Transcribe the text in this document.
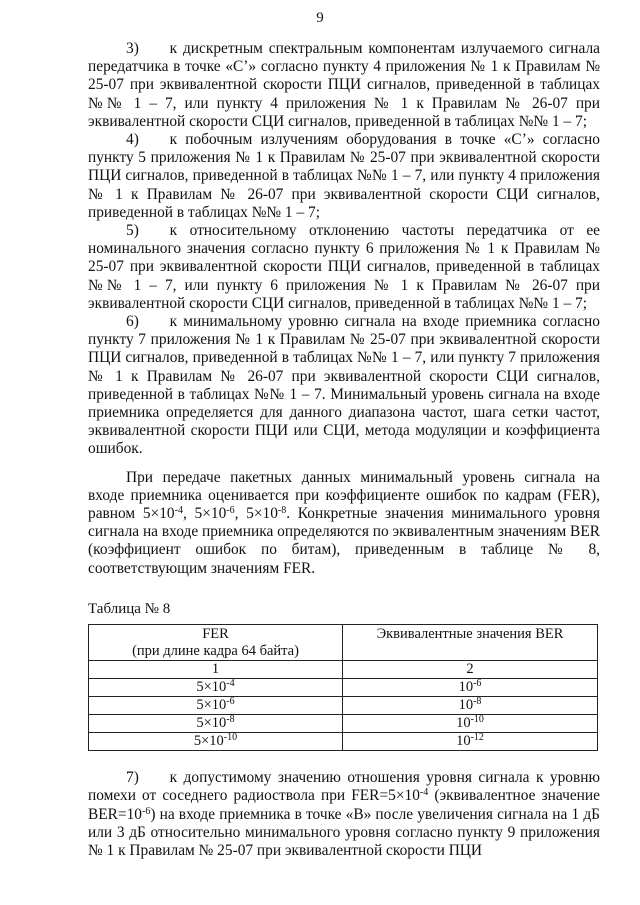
9

3)  к дискретным спектральным компонентам излучаемого сигнала передатчика в точке «С’» согласно пункту 4 приложения № 1 к Правилам № 25-07 при эквивалентной скорости ПЦИ сигналов, приведенной в таблицах №№ 1 – 7, или пункту 4 приложения № 1 к Правилам № 26-07 при эквивалентной скорости СЦИ сигналов, приведенной в таблицах №№ 1 – 7;

4)  к побочным излучениям оборудования в точке «С’» согласно пункту 5 приложения № 1 к Правилам № 25-07 при эквивалентной скорости ПЦИ сигналов, приведенной в таблицах №№ 1 – 7, или пункту 4 приложения № 1 к Правилам № 26-07 при эквивалентной скорости СЦИ сигналов, приведенной в таблицах №№ 1 – 7;

5)  к относительному отклонению частоты передатчика от ее номинального значения согласно пункту 6 приложения № 1 к Правилам № 25-07 при эквивалентной скорости ПЦИ сигналов, приведенной в таблицах №№ 1 – 7, или пункту 6 приложения № 1 к Правилам № 26-07 при эквивалентной скорости СЦИ сигналов, приведенной в таблицах №№ 1 – 7;

6)  к минимальному уровню сигнала на входе приемника согласно пункту 7 приложения № 1 к Правилам № 25-07 при эквивалентной скорости ПЦИ сигналов, приведенной в таблицах №№ 1 – 7, или пункту 7 приложения № 1 к Правилам № 26-07 при эквивалентной скорости СЦИ сигналов, приведенной в таблицах №№ 1 – 7. Минимальный уровень сигнала на входе приемника определяется для данного диапазона частот, шага сетки частот, эквивалентной скорости ПЦИ или СЦИ, метода модуляции и коэффициента ошибок.

При передаче пакетных данных минимальный уровень сигнала на входе приемника оценивается при коэффициенте ошибок по кадрам (FER), равном $5\times 10^{-4}$, $5\times 10^{-6}$, $5\times 10^{-8}$. Конкретные значения минимального уровня сигнала на входе приемника определяются по эквивалентным значениям BER (коэффициент ошибок по битам), приведенным в таблице № 8, соответствующим значениям FER.

Таблица № 8

FER
(при длине кадра 64 байта)	Эквивалентные значения BER
1	2
$5\times 10^{-4}$	$10^{-6}$
$5\times 10^{-6}$	$10^{-8}$
$5\times 10^{-8}$	$10^{-10}$
$5\times 10^{-10}$	$10^{-12}$

7)  к допустимому значению отношения уровня сигнала к уровню помехи от соседнего радиоствола при $FER=5\times 10^{-4}$ (эквивалентное значение $BER=10^{-6}$) на входе приемника в точке «В» после увеличения сигнала на 1 дБ или 3 дБ относительно минимального уровня согласно пункту 9 приложения № 1 к Правилам № 25-07 при эквивалентной скорости ПЦИ
